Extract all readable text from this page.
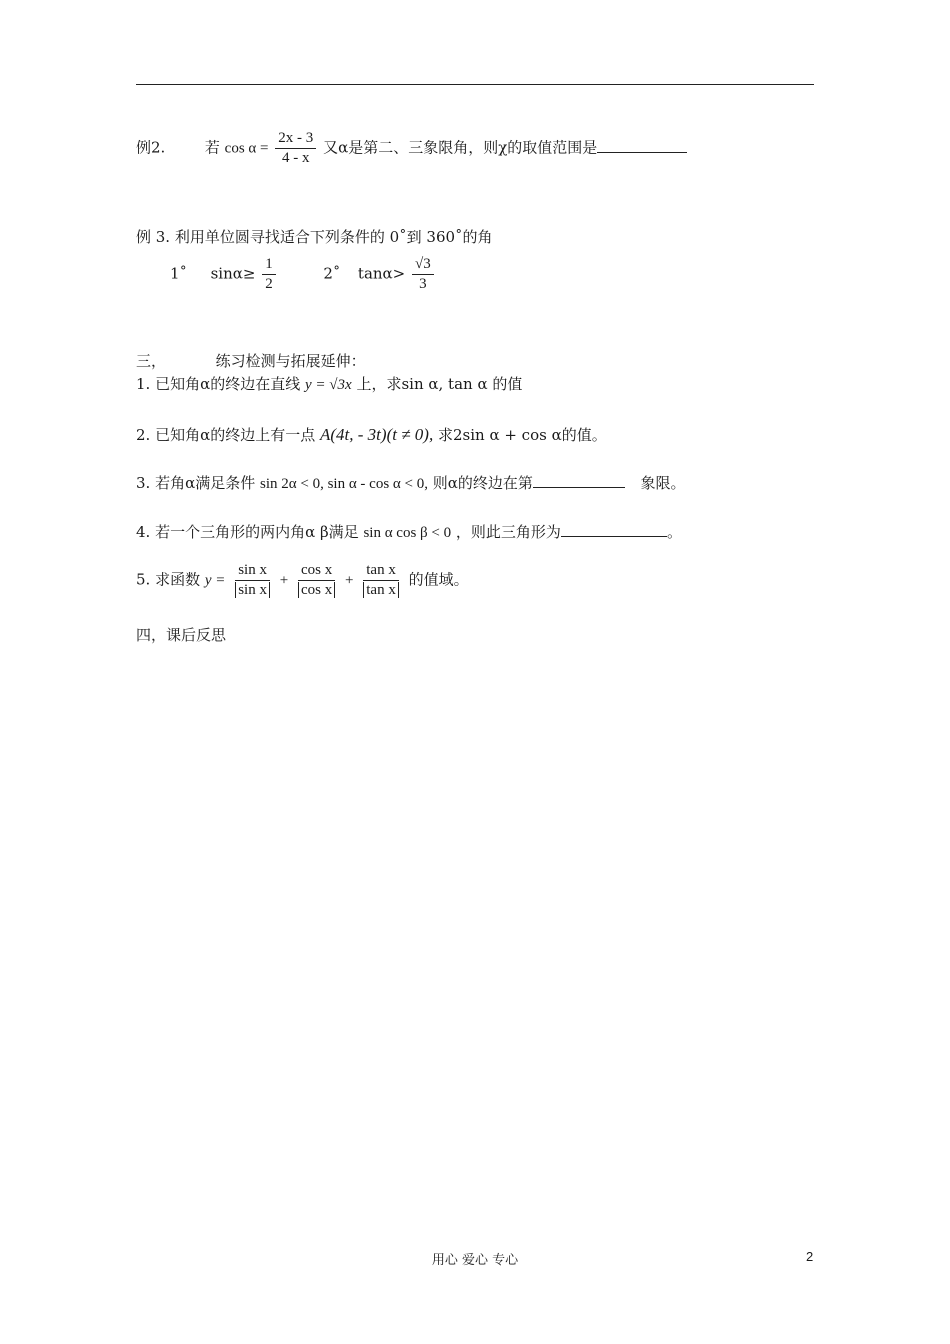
例2.	若 $\cos \alpha = \frac{2x - 3}{4 - x}$ 又α是第二、三象限角，则χ的取值范围是
例 3. 利用单位圆寻找适合下列条件的 0˚到 360˚的角
1˚ $\sin\alpha\ge \frac{1}{2}$	2˚ $\tan\alpha> \frac{√3}{3}$
三，	练习检测与拓展延伸：
1. 已知角α的终边在直线 y = √3x 上，求sin α, tan α 的值
2. 已知角α的终边上有一点 A(4t, - 3t)(t ≠ 0), 求2sin α + cos α的值。
3. 若角α满足条件 sin 2α < 0, sin α - cos α < 0, 则α的终边在第	象限。
4. 若一个三角形的两内角α β满足 sin α cos β < 0 ，则此三角形为	。
5. 求函数 $y = \frac{\text{sin x}}{\text{sin x}} + \frac{\text{cos x}}{\text{cos x}} + \frac{\text{tan x}}{\text{tan x}}$ 的值域。
四，课后反思
用心 爱心 专心	2
